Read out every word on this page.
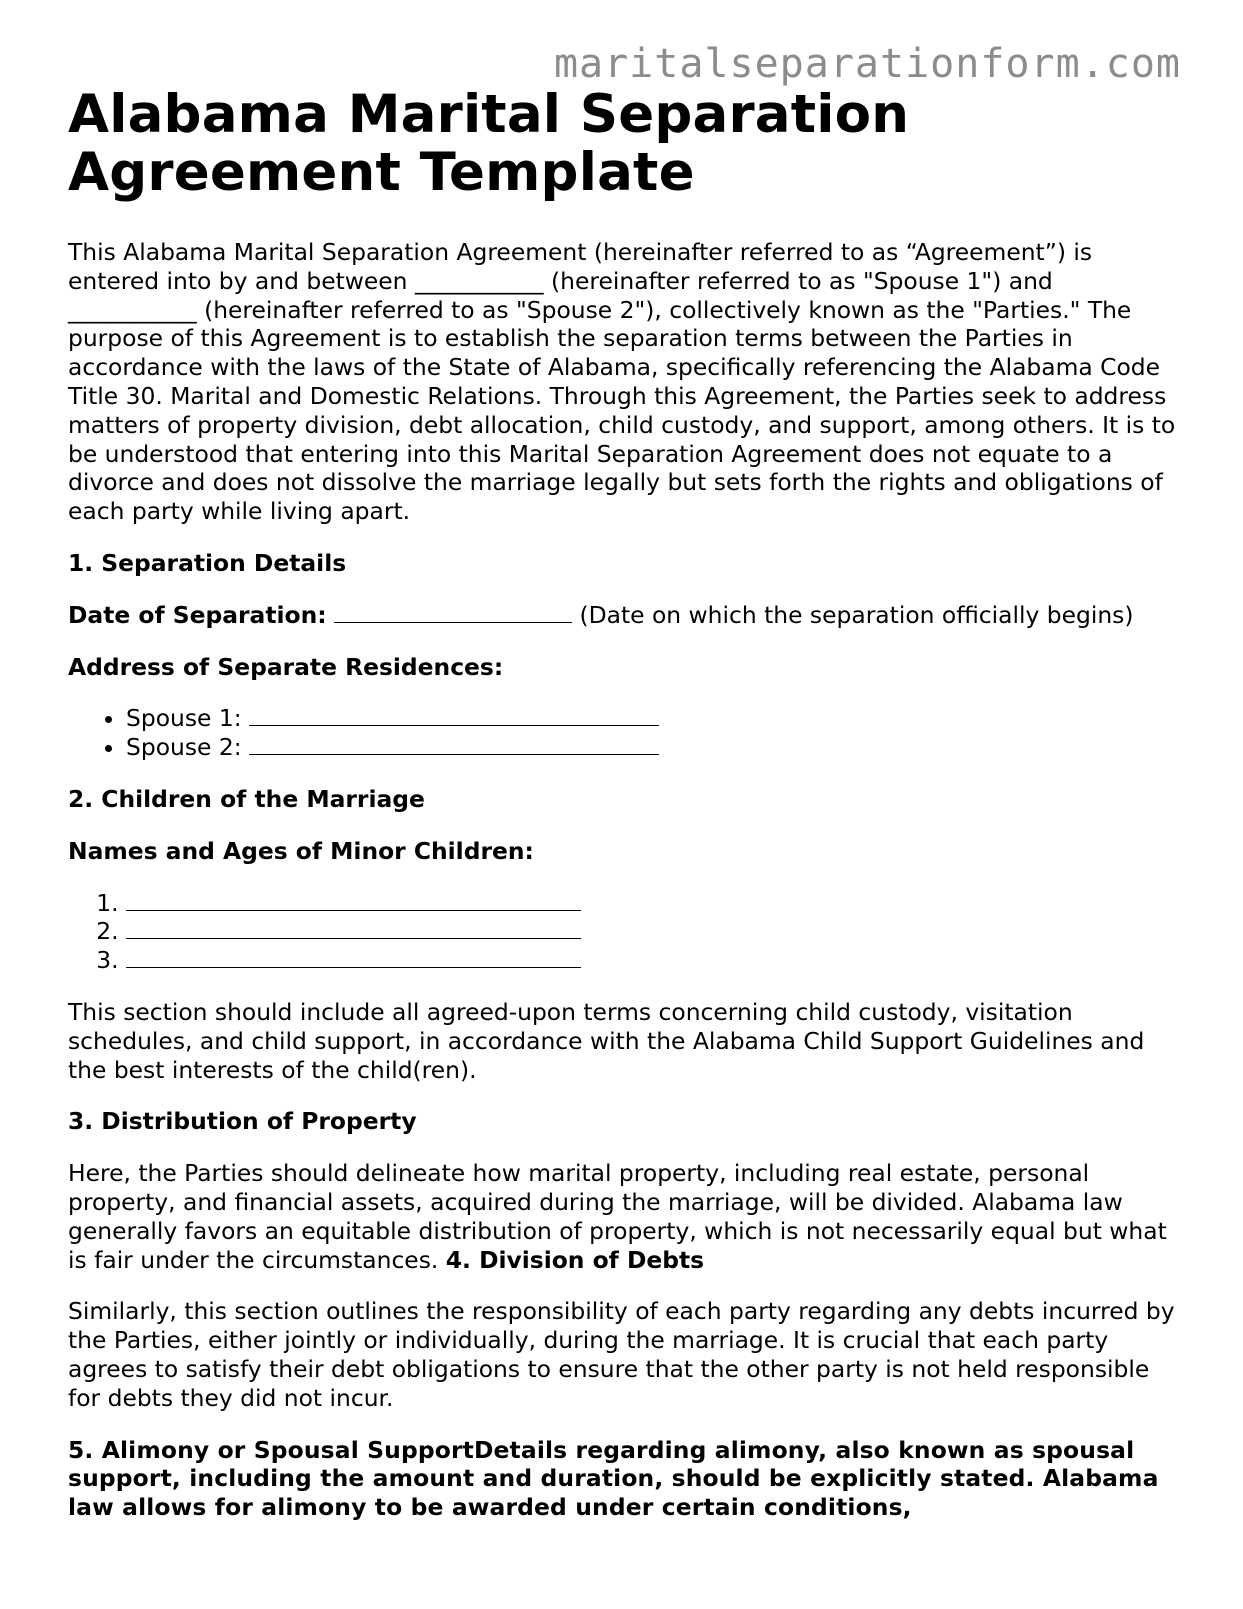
maritalseparationform.com
Alabama Marital Separation Agreement Template

This Alabama Marital Separation Agreement (hereinafter referred to as “Agreement”) is entered into by and between ___________ (hereinafter referred to as "Spouse 1") and ___________ (hereinafter referred to as "Spouse 2"), collectively known as the "Parties." The purpose of this Agreement is to establish the separation terms between the Parties in accordance with the laws of the State of Alabama, specifically referencing the Alabama Code Title 30. Marital and Domestic Relations. Through this Agreement, the Parties seek to address matters of property division, debt allocation, child custody, and support, among others. It is to be understood that entering into this Marital Separation Agreement does not equate to a divorce and does not dissolve the marriage legally but sets forth the rights and obligations of each party while living apart.

1. Separation Details

Date of Separation:	(Date on which the separation officially begins)

Address of Separate Residences:

• Spouse 1:
• Spouse 2:

2. Children of the Marriage

Names and Ages of Minor Children:

1.
2.
3.

This section should include all agreed-upon terms concerning child custody, visitation schedules, and child support, in accordance with the Alabama Child Support Guidelines and the best interests of the child(ren).

3. Distribution of Property

Here, the Parties should delineate how marital property, including real estate, personal property, and financial assets, acquired during the marriage, will be divided. Alabama law generally favors an equitable distribution of property, which is not necessarily equal but what is fair under the circumstances. 4. Division of Debts

Similarly, this section outlines the responsibility of each party regarding any debts incurred by the Parties, either jointly or individually, during the marriage. It is crucial that each party agrees to satisfy their debt obligations to ensure that the other party is not held responsible for debts they did not incur.

5. Alimony or Spousal SupportDetails regarding alimony, also known as spousal support, including the amount and duration, should be explicitly stated. Alabama law allows for alimony to be awarded under certain conditions,
